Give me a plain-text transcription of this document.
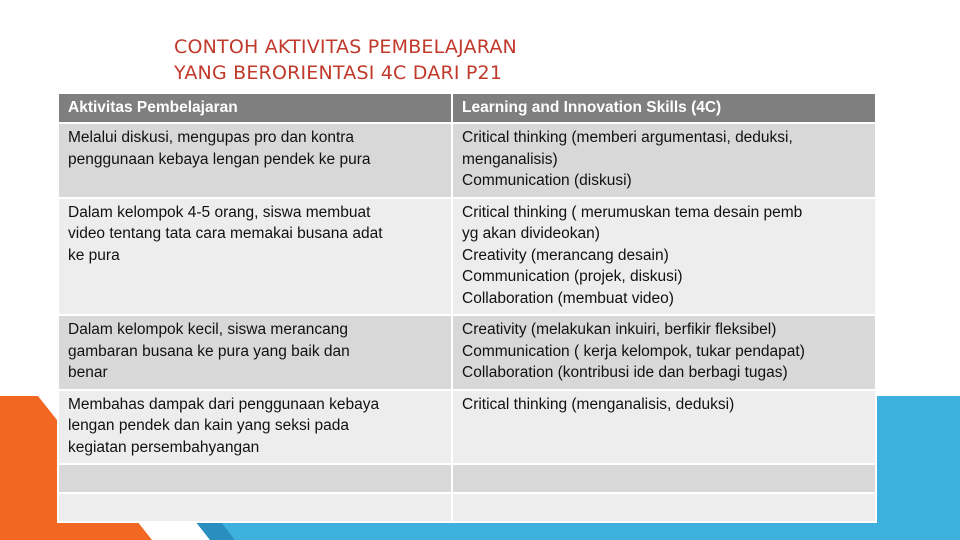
CONTOH AKTIVITAS PEMBELAJARAN
YANG BERORIENTASI 4C DARI P21
Aktivitas Pembelajaran	Learning and Innovation Skills (4C)

Melalui diskusi, mengupas pro dan kontra
penggunaan kebaya lengan pendek ke pura	Critical thinking (memberi argumentasi, deduksi,
menganalisis)
Communication (diskusi)

Dalam kelompok 4-5 orang, siswa membuat
video tentang tata cara memakai busana adat
ke pura	Critical thinking ( merumuskan tema desain pemb
yg akan divideokan)
Creativity (merancang desain)
Communication (projek, diskusi)
Collaboration (membuat video)

Dalam kelompok kecil, siswa merancang
gambaran busana ke pura yang baik dan
benar	Creativity (melakukan inkuiri, berfikir fleksibel)
Communication ( kerja kelompok, tukar pendapat)
Collaboration (kontribusi ide dan berbagi tugas)

Membahas dampak dari penggunaan kebaya
lengan pendek dan kain yang seksi pada
kegiatan persembahyangan	Critical thinking (menganalisis, deduksi)
